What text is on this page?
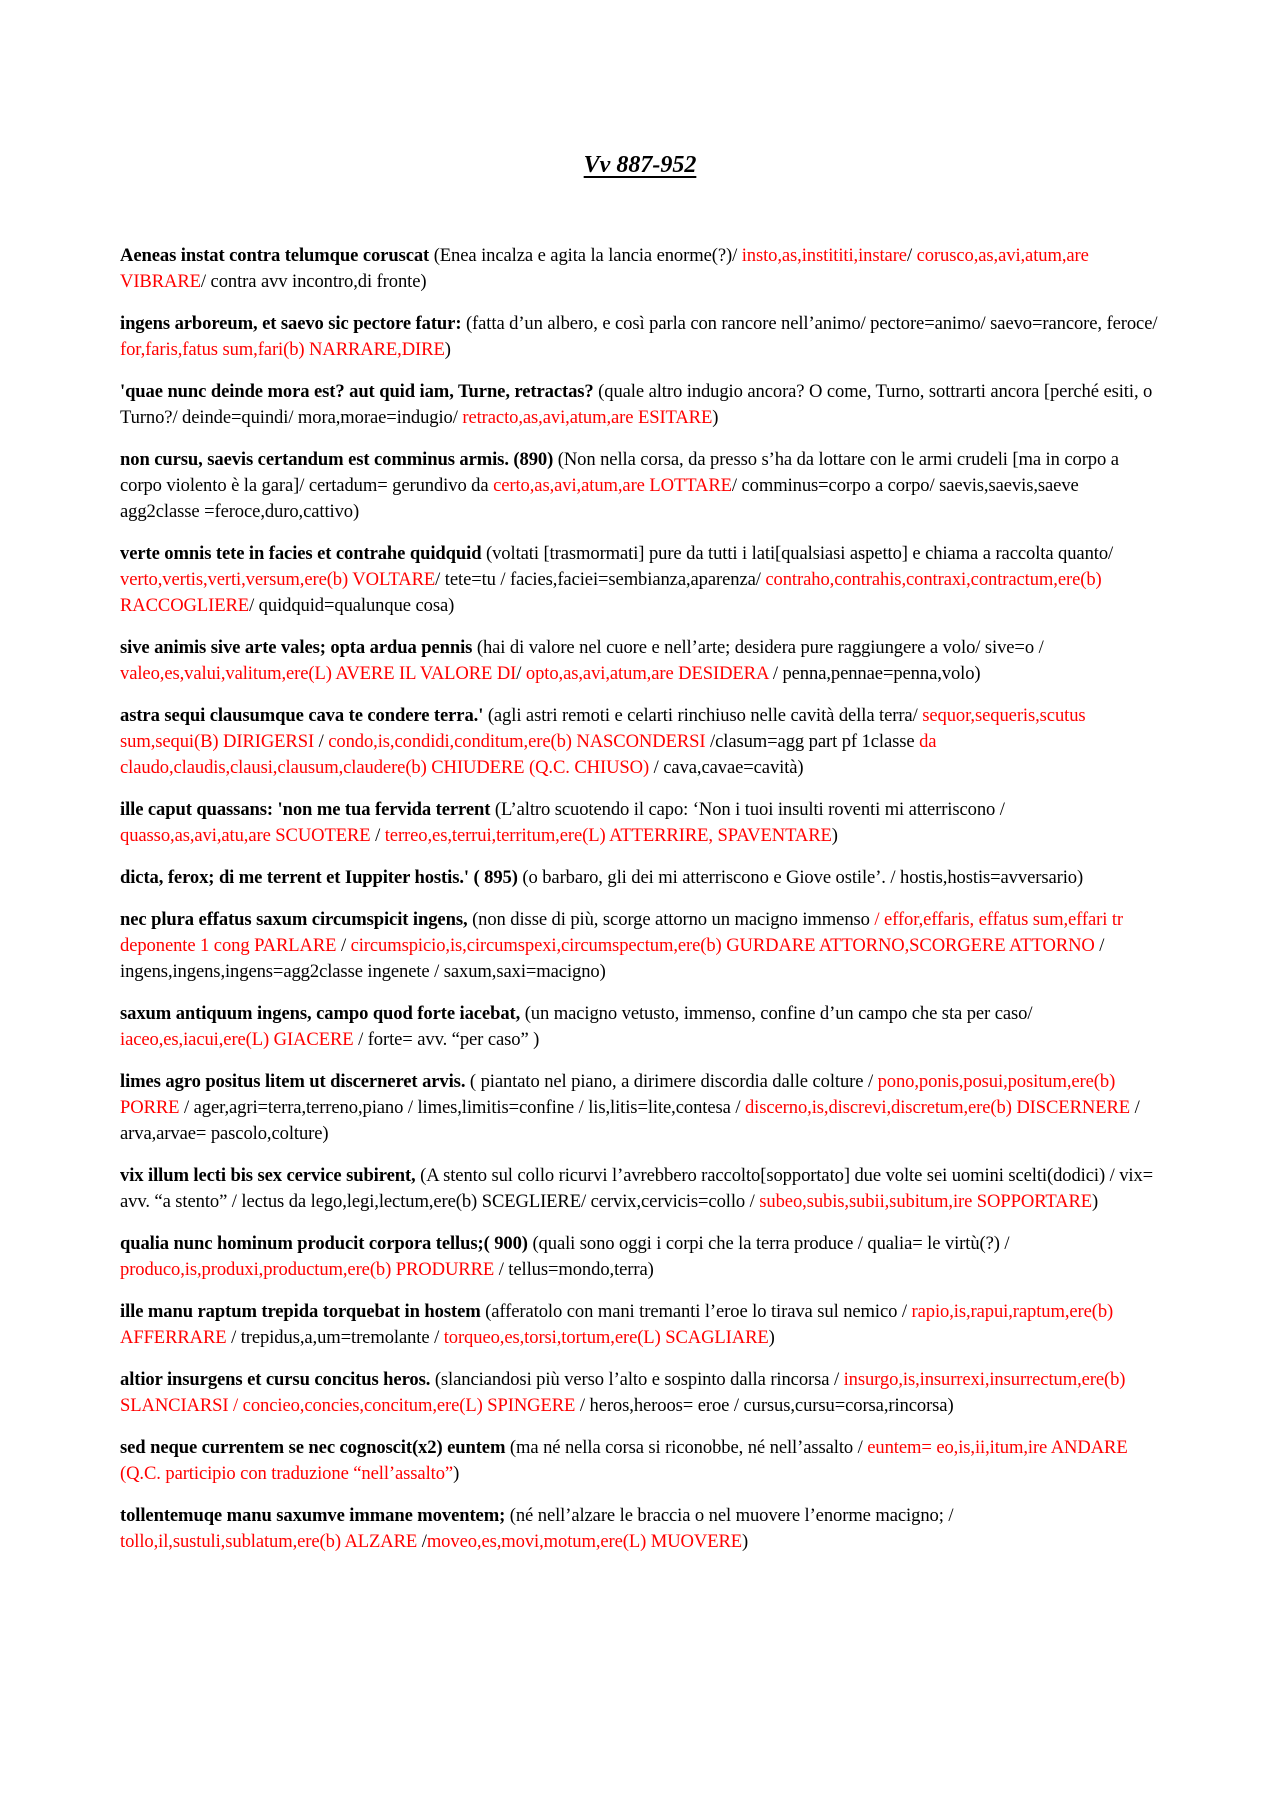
Vv 887-952

Aeneas instat contra telumque coruscat (Enea incalza e agita la lancia enorme(?)/ insto,as,instititi,instare/ corusco,as,avi,atum,are VIBRARE/ contra avv incontro,di fronte)

ingens arboreum, et saevo sic pectore fatur: (fatta d’un albero, e così parla con rancore nell’animo/ pectore=animo/ saevo=rancore, feroce/ for,faris,fatus sum,fari(b) NARRARE,DIRE)

'quae nunc deinde mora est? aut quid iam, Turne, retractas? (quale altro indugio ancora? O come, Turno, sottrarti ancora [perché esiti, o Turno?/ deinde=quindi/ mora,morae=indugio/ retracto,as,avi,atum,are ESITARE)

non cursu, saevis certandum est comminus armis. (890) (Non nella corsa, da presso s’ha da lottare con le armi crudeli [ma in corpo a corpo violento è la gara]/ certadum= gerundivo da certo,as,avi,atum,are LOTTARE/ comminus=corpo a corpo/ saevis,saevis,saeve agg2classe =feroce,duro,cattivo)

verte omnis tete in facies et contrahe quidquid (voltati [trasmormati] pure da tutti i lati[qualsiasi aspetto] e chiama a raccolta quanto/ verto,vertis,verti,versum,ere(b) VOLTARE/ tete=tu / facies,faciei=sembianza,aparenza/ contraho,contrahis,contraxi,contractum,ere(b) RACCOGLIERE/ quidquid=qualunque cosa)

sive animis sive arte vales; opta ardua pennis (hai di valore nel cuore e nell’arte; desidera pure raggiungere a volo/ sive=o / valeo,es,valui,valitum,ere(L) AVERE IL VALORE DI/ opto,as,avi,atum,are DESIDERA / penna,pennae=penna,volo)

astra sequi clausumque cava te condere terra.' (agli astri remoti e celarti rinchiuso nelle cavità della terra/ sequor,sequeris,scutus sum,sequi(B) DIRIGERSI / condo,is,condidi,conditum,ere(b) NASCONDERSI /clasum=agg part pf 1classe da claudo,claudis,clausi,clausum,claudere(b) CHIUDERE (Q.C. CHIUSO) / cava,cavae=cavità)

ille caput quassans: 'non me tua fervida terrent (L’altro scuotendo il capo: ‘Non i tuoi insulti roventi mi atterriscono / quasso,as,avi,atu,are SCUOTERE / terreo,es,terrui,territum,ere(L) ATTERRIRE, SPAVENTARE)

dicta, ferox; di me terrent et Iuppiter hostis.' ( 895) (o barbaro, gli dei mi atterriscono e Giove ostile’. / hostis,hostis=avversario)

nec plura effatus saxum circumspicit ingens, (non disse di più, scorge attorno un macigno immenso / effor,effaris, effatus sum,effari tr deponente 1 cong PARLARE / circumspicio,is,circumspexi,circumspectum,ere(b) GURDARE ATTORNO,SCORGERE ATTORNO / ingens,ingens,ingens=agg2classe ingenete / saxum,saxi=macigno)

saxum antiquum ingens, campo quod forte iacebat, (un macigno vetusto, immenso, confine d’un campo che sta per caso/ iaceo,es,iacui,ere(L) GIACERE / forte= avv. “per caso” )

limes agro positus litem ut discerneret arvis. ( piantato nel piano, a dirimere discordia dalle colture / pono,ponis,posui,positum,ere(b) PORRE / ager,agri=terra,terreno,piano / limes,limitis=confine / lis,litis=lite,contesa / discerno,is,discrevi,discretum,ere(b) DISCERNERE / arva,arvae= pascolo,colture)

vix illum lecti bis sex cervice subirent, (A stento sul collo ricurvi l’avrebbero raccolto[sopportato] due volte sei uomini scelti(dodici) / vix= avv. “a stento” / lectus da lego,legi,lectum,ere(b) SCEGLIERE/ cervix,cervicis=collo / subeo,subis,subii,subitum,ire SOPPORTARE)

qualia nunc hominum producit corpora tellus;( 900) (quali sono oggi i corpi che la terra produce / qualia= le virtù(?) / produco,is,produxi,productum,ere(b) PRODURRE / tellus=mondo,terra)

ille manu raptum trepida torquebat in hostem (afferatolo con mani tremanti l’eroe lo tirava sul nemico / rapio,is,rapui,raptum,ere(b) AFFERRARE / trepidus,a,um=tremolante / torqueo,es,torsi,tortum,ere(L) SCAGLIARE)

altior insurgens et cursu concitus heros. (slanciandosi più verso l’alto e sospinto dalla rincorsa / insurgo,is,insurrexi,insurrectum,ere(b) SLANCIARSI / concieo,concies,concitum,ere(L) SPINGERE / heros,heroos= eroe / cursus,cursu=corsa,rincorsa)

sed neque currentem se nec cognoscit(x2) euntem (ma né nella corsa si riconobbe, né nell’assalto / euntem= eo,is,ii,itum,ire ANDARE (Q.C. participio con traduzione “nell’assalto”)

tollentemuqe manu saxumve immane moventem; (né nell’alzare le braccia o nel muovere l’enorme macigno; / tollo,il,sustuli,sublatum,ere(b) ALZARE /moveo,es,movi,motum,ere(L) MUOVERE)
